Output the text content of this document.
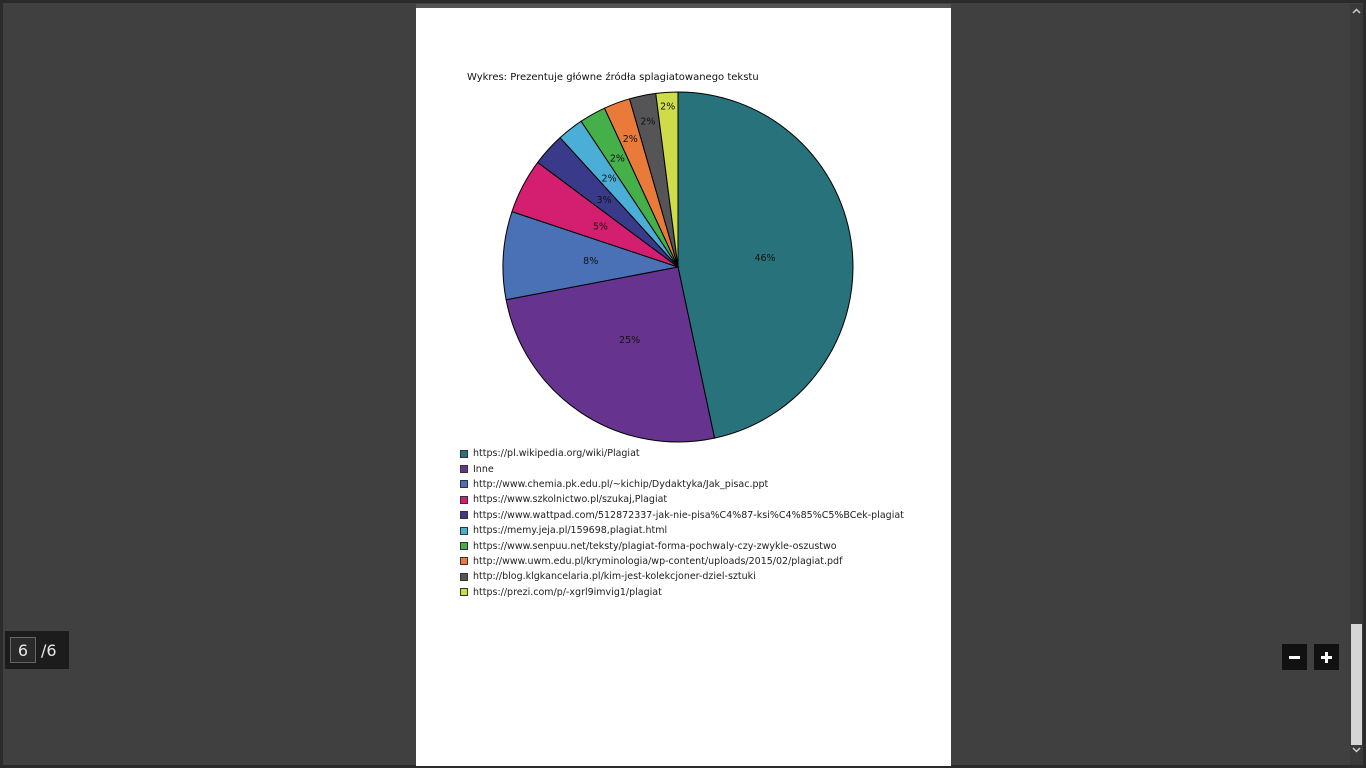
46%
25%
8%
5%
3%
2%
2%
2%
2%
2%
Wykres: Prezentuje główne źródła splagiatowanego tekstu
https://pl.wikipedia.org/wiki/Plagiat
Inne
http://www.chemia.pk.edu.pl/~kichip/Dydaktyka/Jak_pisac.ppt
https://www.szkolnictwo.pl/szukaj,Plagiat
https://www.wattpad.com/512872337-jak-nie-pisa%C4%87-ksi%C4%85%C5%BCek-plagiat
https://memy.jeja.pl/159698,plagiat.html
https://www.senpuu.net/teksty/plagiat-forma-pochwaly-czy-zwykle-oszustwo
http://www.uwm.edu.pl/kryminologia/wp-content/uploads/2015/02/plagiat.pdf
http://blog.klgkancelaria.pl/kim-jest-kolekcjoner-dziel-sztuki
https://prezi.com/p/-xgrl9imvig1/plagiat
6
/6
